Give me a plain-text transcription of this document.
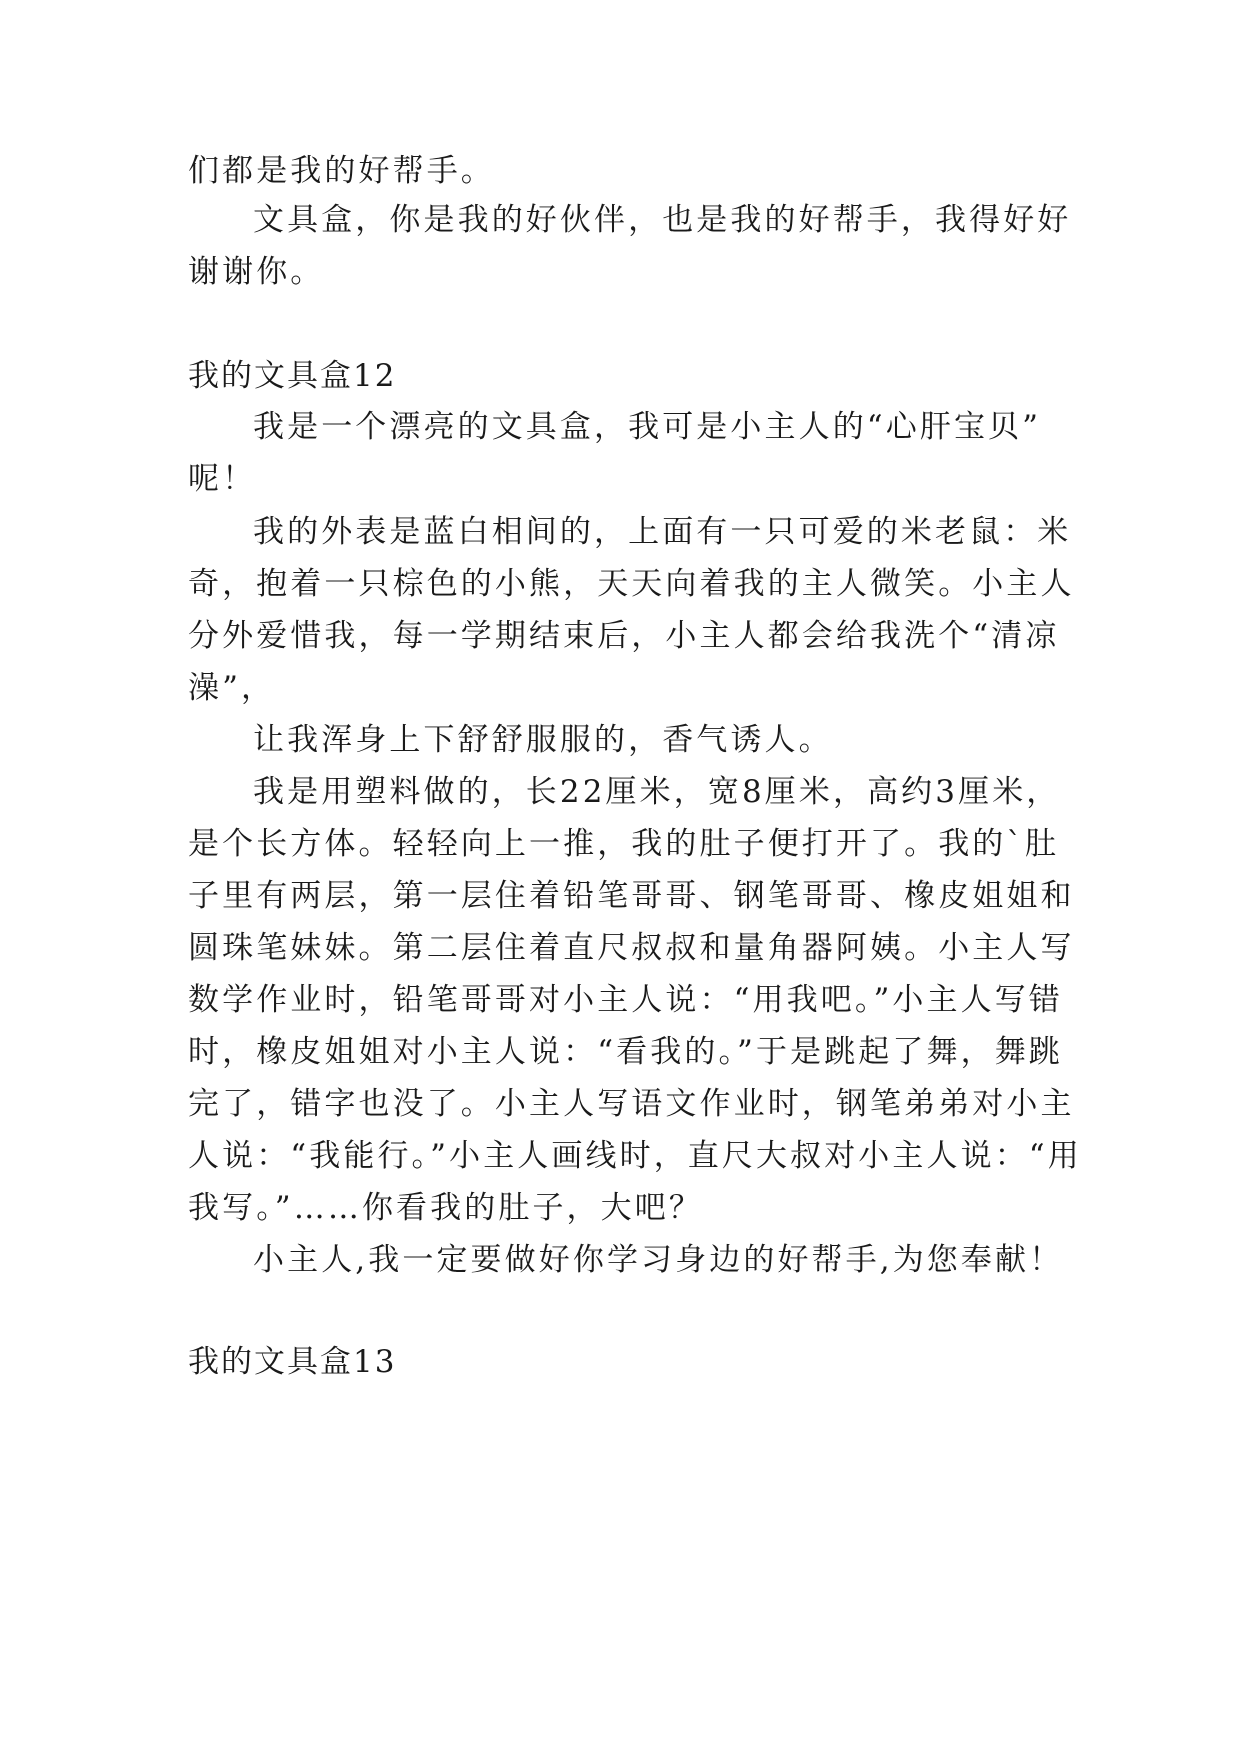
们都是我的好帮手。
文具盒，你是我的好伙伴，也是我的好帮手，我得好好
谢谢你。
我的文具盒12
我是一个漂亮的文具盒，我可是小主人的“心肝宝贝”
呢！
我的外表是蓝白相间的，上面有一只可爱的米老鼠：米
奇，抱着一只棕色的小熊，天天向着我的主人微笑。小主人
分外爱惜我，每一学期结束后，小主人都会给我洗个“清凉
澡”，
让我浑身上下舒舒服服的，香气诱人。
我是用塑料做的，长22厘米，宽8厘米，高约3厘米，
是个长方体。轻轻向上一推，我的肚子便打开了。我的`肚
子里有两层，第一层住着铅笔哥哥、钢笔哥哥、橡皮姐姐和
圆珠笔妹妹。第二层住着直尺叔叔和量角器阿姨。小主人写
数学作业时，铅笔哥哥对小主人说：“用我吧。”小主人写错
时，橡皮姐姐对小主人说：“看我的。”于是跳起了舞，舞跳
完了，错字也没了。小主人写语文作业时，钢笔弟弟对小主
人说：“我能行。”小主人画线时，直尺大叔对小主人说：“用
我写。”……你看我的肚子，大吧？
小主人,我一定要做好你学习身边的好帮手,为您奉献！
我的文具盒13
